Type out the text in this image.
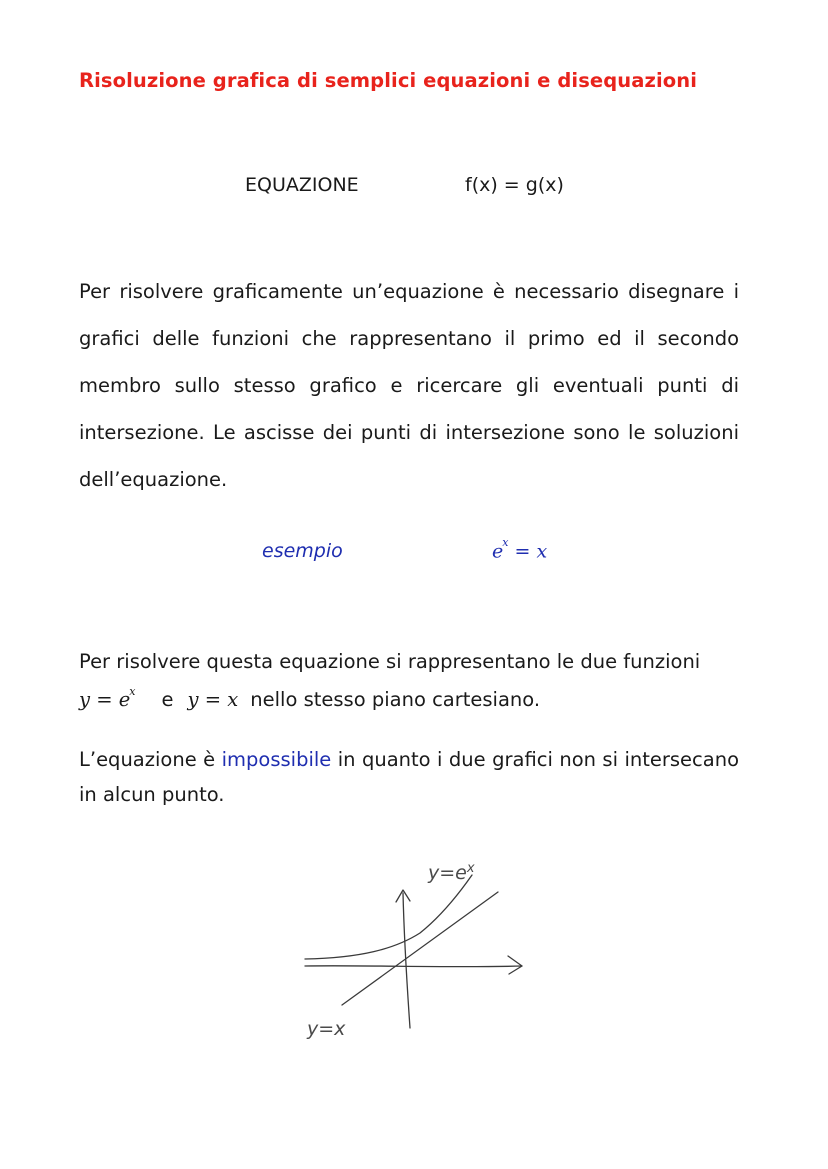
Risoluzione grafica di semplici equazioni e disequazioni
EQUAZIONE	f(x) = g(x)

Per risolvere graficamente un’equazione è necessario disegnare i grafici delle funzioni che rappresentano il primo ed il secondo membro sullo stesso grafico e ricercare gli eventuali punti di intersezione. Le ascisse dei punti di intersezione sono le soluzioni dell’equazione.

esempio	$e^x = x$

Per risolvere questa equazione si rappresentano le due funzioni

$y = e^x$ e y = x nello stesso piano cartesiano.

L’equazione è impossibile in quanto i due grafici non si intersecano in alcun punto.

$y=e^x$
y=x
